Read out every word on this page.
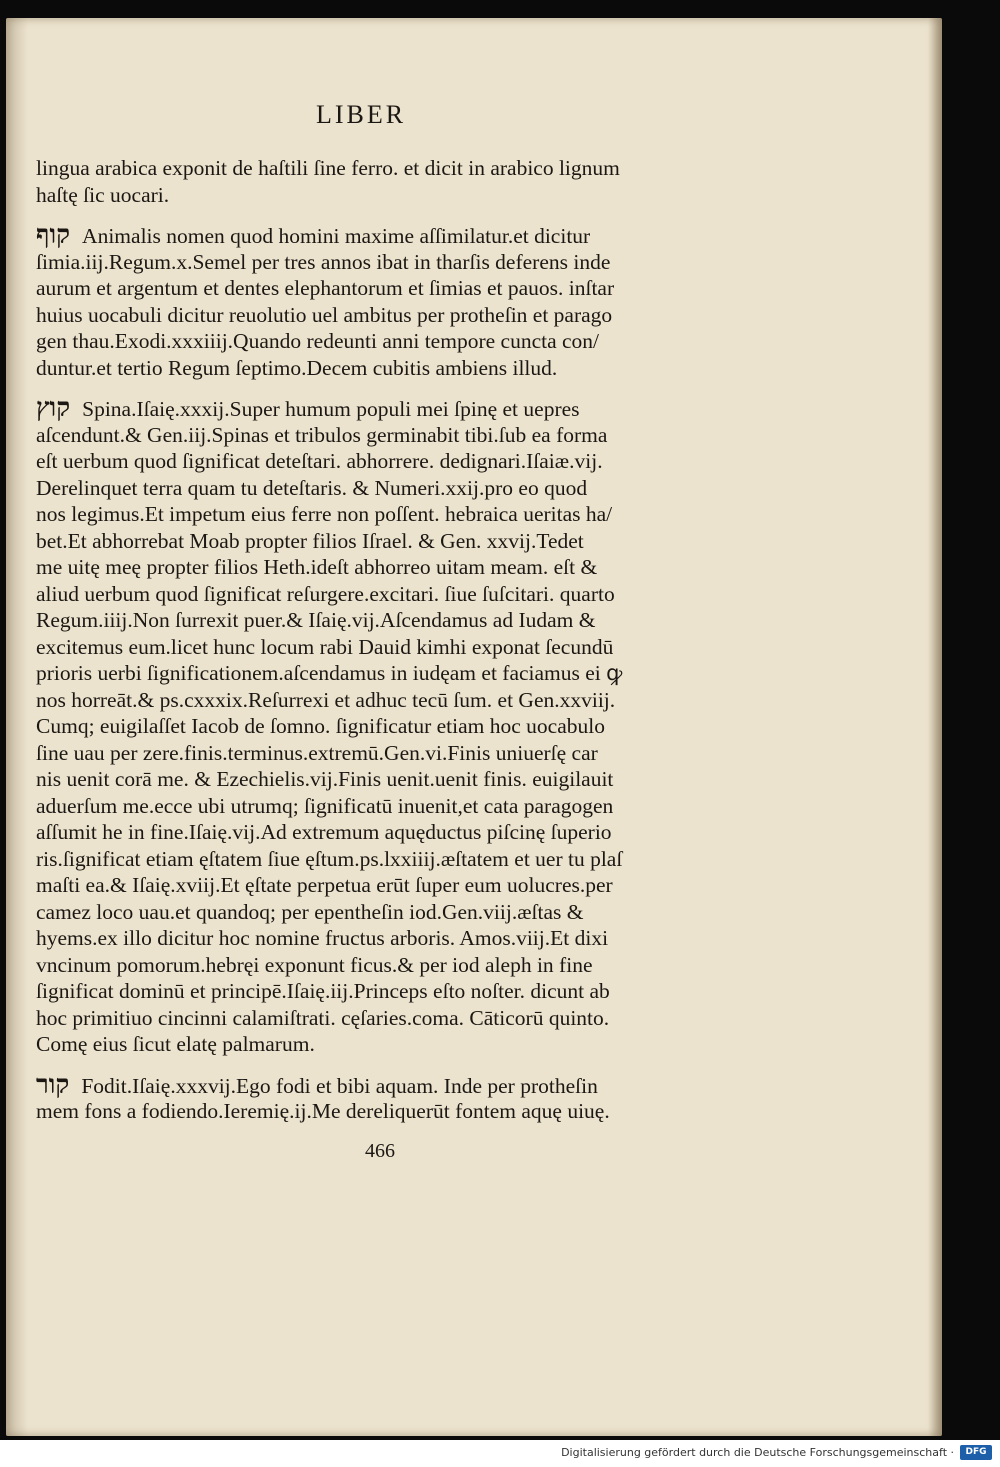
LIBER
lingua arabica exponit de haſtili ſine ferro. et dicit in arabico lignum
haſtę ſic uocari.
קוף Animalis nomen quod homini maxime aſſimilatur.et dicitur
ſimia.iij.Regum.x.Semel per tres annos ibat in tharſis deferens inde
aurum et argentum et dentes elephantorum et ſimias et pauos. inſtar
huius uocabuli dicitur reuolutio uel ambitus per protheſin et parago
gen thau.Exodi.xxxiiij.Quando redeunti anni tempore cuncta con/
duntur.et tertio Regum ſeptimo.Decem cubitis ambiens illud.
קוץ Spina.Iſaię.xxxij.Super humum populi mei ſpinę et uepres
aſcendunt.& Gen.iij.Spinas et tribulos germinabit tibi.ſub ea forma
eſt uerbum quod ſignificat deteſtari. abhorrere. dedignari.Iſaiæ.vij.
Derelinquet terra quam tu deteſtaris. & Numeri.xxij.pro eo quod
nos legimus.Et impetum eius ferre non poſſent. hebraica ueritas ha/
bet.Et abhorrebat Moab propter filios Iſrael. & Gen. xxvij.Tedet
me uitę meę propter filios Heth.ideſt abhorreo uitam meam. eſt &
aliud uerbum quod ſignificat reſurgere.excitari. ſiue ſuſcitari. quarto
Regum.iiij.Non ſurrexit puer.& Iſaię.vij.Aſcendamus ad Iudam &
excitemus eum.licet hunc locum rabi Dauid kimhi exponat ſecundū
prioris uerbi ſignificationem.aſcendamus in iudęam et faciamus ei ꝙ
nos horreāt.& ps.cxxxix.Reſurrexi et adhuc tecū ſum. et Gen.xxviij.
Cumq; euigilaſſet Iacob de ſomno. ſignificatur etiam hoc uocabulo
ſine uau per zere.finis.terminus.extremū.Gen.vi.Finis uniuerſę car
nis uenit corā me. & Ezechielis.vij.Finis uenit.uenit finis. euigilauit
aduerſum me.ecce ubi utrumq; ſignificatū inuenit,et cata paragogen
aſſumit he in fine.Iſaię.vij.Ad extremum aquęductus piſcinę ſuperio
ris.ſignificat etiam ęſtatem ſiue ęſtum.ps.lxxiiij.æſtatem et uer tu plaſ
maſti ea.& Iſaię.xviij.Et ęſtate perpetua erūt ſuper eum uolucres.per
camez loco uau.et quandoq; per epentheſin iod.Gen.viij.æſtas &
hyems.ex illo dicitur hoc nomine fructus arboris. Amos.viij.Et dixi
vncinum pomorum.hebręi exponunt ficus.& per iod aleph in fine
ſignificat dominū et principē.Iſaię.iij.Princeps eſto noſter. dicunt ab
hoc primitiuo cincinni calamiſtrati. cęſaries.coma. Cāticorū quinto.
Comę eius ſicut elatę palmarum.
קור Fodit.Iſaię.xxxvij.Ego fodi et bibi aquam. Inde per protheſin
mem fons a fodiendo.Ieremię.ij.Me dereliquerūt fontem aquę uiuę.
466
Digitalisierung gefördert durch die Deutsche Forschungsgemeinschaft ·	DFG
